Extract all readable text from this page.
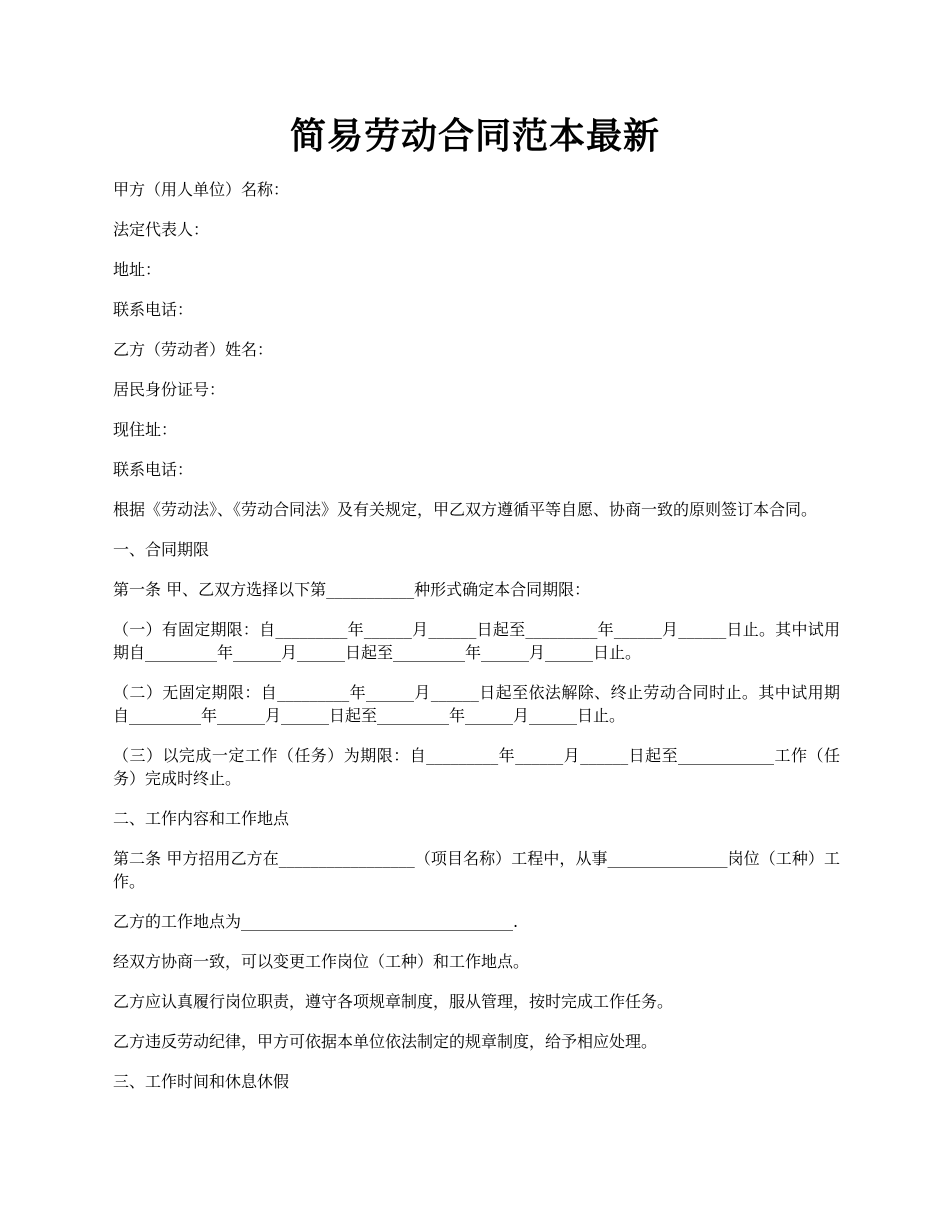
简易劳动合同范本最新

甲方（用人单位）名称：

法定代表人：

地址：

联系电话：

乙方（劳动者）姓名：

居民身份证号：

现住址：

联系电话：

根据《劳动法》、《劳动合同法》及有关规定，甲乙双方遵循平等自愿、协商一致的原则签订本合同。

一、合同期限

第一条 甲、乙双方选择以下第___________种形式确定本合同期限：

（一）有固定期限：自_________年______月______日起至_________年______月______日止。其中试用期自_________年______月______日起至_________年______月______日止。

（二）无固定期限：自_________年______月______日起至依法解除、终止劳动合同时止。其中试用期自_________年______月______日起至_________年______月______日止。

（三）以完成一定工作（任务）为期限：自_________年______月______日起至____________工作（任务）完成时终止。

二、工作内容和工作地点

第二条 甲方招用乙方在_________________（项目名称）工程中，从事_______________岗位（工种）工作。

乙方的工作地点为__________________________________.

经双方协商一致，可以变更工作岗位（工种）和工作地点。

乙方应认真履行岗位职责，遵守各项规章制度，服从管理，按时完成工作任务。

乙方违反劳动纪律，甲方可依据本单位依法制定的规章制度，给予相应处理。

三、工作时间和休息休假
